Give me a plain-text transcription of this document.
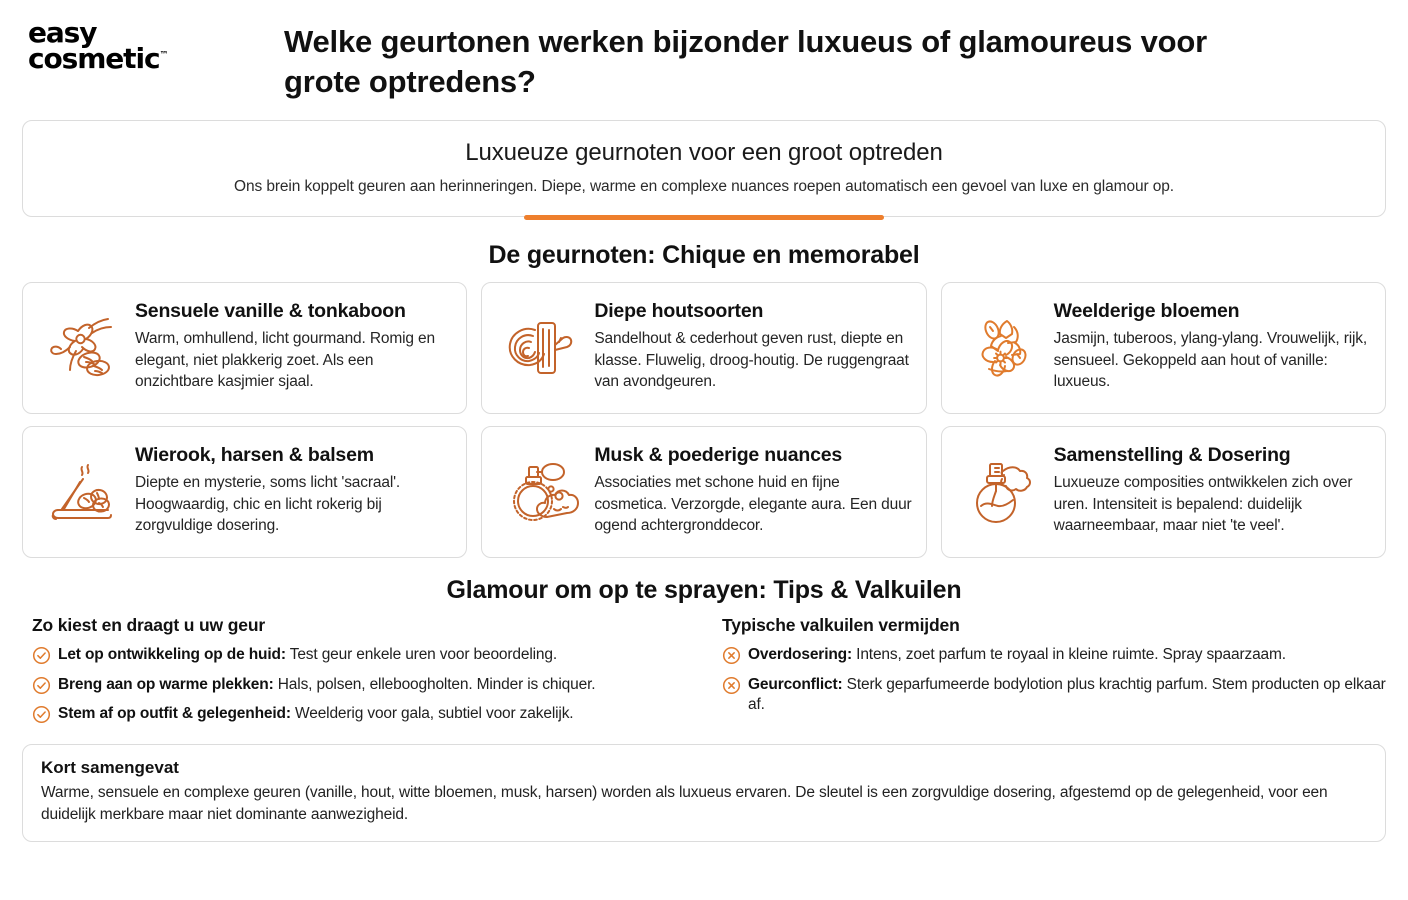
easy
cosmetic™	Welke geurtonen werken bijzonder luxueus of glamoureus voor grote optredens?
Luxueuze geurnoten voor een groot optreden
Ons brein koppelt geuren aan herinneringen. Diepe, warme en complexe nuances roepen automatisch een gevoel van luxe en glamour op.
De geurnoten: Chique en memorabel
Sensuele vanille & tonkaboon
Warm, omhullend, licht gourmand. Romig en elegant, niet plakkerig zoet. Als een onzichtbare kasjmier sjaal.
Diepe houtsoorten
Sandelhout & cederhout geven rust, diepte en klasse. Fluwelig, droog-houtig. De ruggengraat van avondgeuren.
Weelderige bloemen
Jasmijn, tuberoos, ylang-ylang. Vrouwelijk, rijk, sensueel. Gekoppeld aan hout of vanille: luxueus.
Wierook, harsen & balsem
Diepte en mysterie, soms licht 'sacraal'. Hoogwaardig, chic en licht rokerig bij zorgvuldige dosering.
Musk & poederige nuances
Associaties met schone huid en fijne cosmetica. Verzorgde, elegante aura. Een duur ogend achtergronddecor.
Samenstelling & Dosering
Luxueuze composities ontwikkelen zich over uren. Intensiteit is bepalend: duidelijk waarneembaar, maar niet 'te veel'.
Glamour om op te sprayen: Tips & Valkuilen
Zo kiest en draagt u uw geur
Let op ontwikkeling op de huid: Test geur enkele uren voor beoordeling.
Breng aan op warme plekken: Hals, polsen, elleboogholten. Minder is chiquer.
Stem af op outfit & gelegenheid: Weelderig voor gala, subtiel voor zakelijk.
Typische valkuilen vermijden
Overdosering: Intens, zoet parfum te royaal in kleine ruimte. Spray spaarzaam.
Geurconflict: Sterk geparfumeerde bodylotion plus krachtig parfum. Stem producten op elkaar af.
Kort samengevat
Warme, sensuele en complexe geuren (vanille, hout, witte bloemen, musk, harsen) worden als luxueus ervaren. De sleutel is een zorgvuldige dosering, afgestemd op de gelegenheid, voor een duidelijk merkbare maar niet dominante aanwezigheid.
